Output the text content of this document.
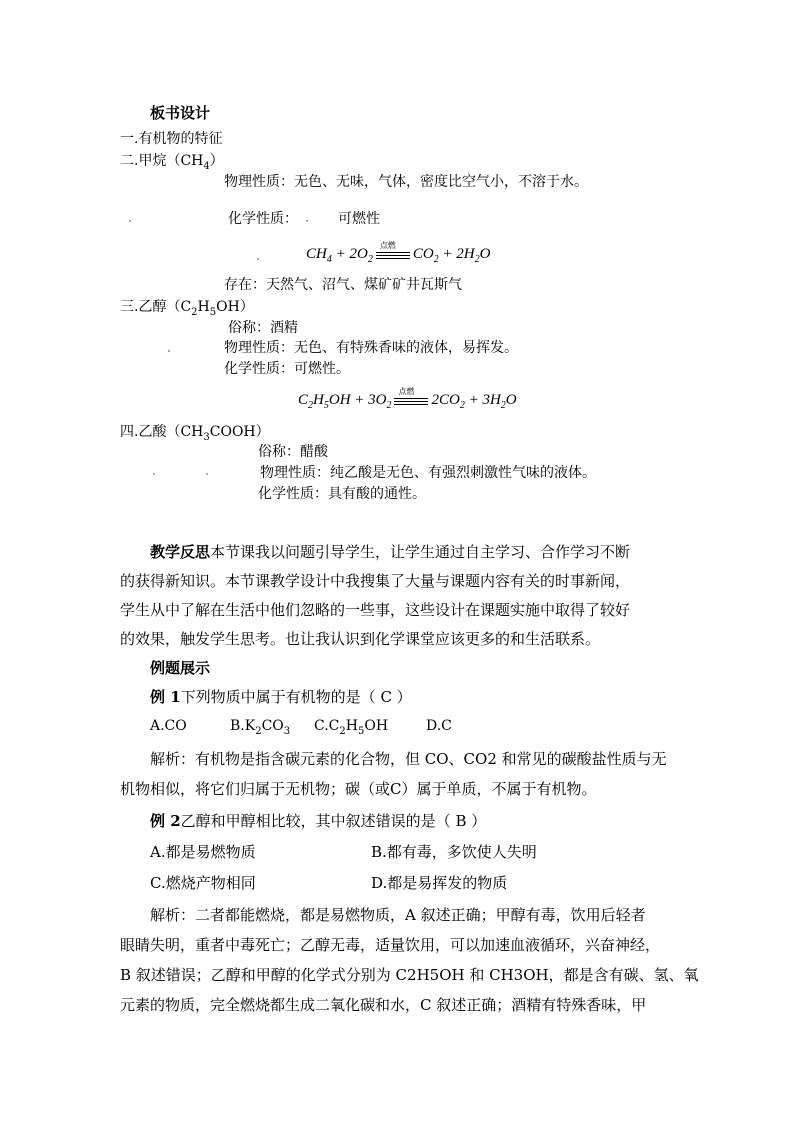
板书设计
一.有机物的特征
二.甲烷$(CH_4)$
物理性质：无色、无味，气体，密度比空气小，不溶于水。
化学性质：	可燃性
$CH_4 + 2O_2$
点燃
$CO_2 + 2H_2O$
存在：天然气、沼气、煤矿矿井瓦斯气
三.乙醇$(C_2H_5OH)$
俗称：酒精
物理性质：无色、有特殊香味的液体，易挥发。
化学性质：可燃性。
$C_2H_5OH + 3O_2$
点燃
$2CO_2 + 3H_2O$
四.乙酸$(CH_3COOH)$
俗称：醋酸
物理性质：纯乙酸是无色、有强烈刺激性气味的液体。
化学性质：具有酸的通性。
教学反思本节课我以问题引导学生，让学生通过自主学习、合作学习不断
的获得新知识。本节课教学设计中我搜集了大量与课题内容有关的时事新闻，
学生从中了解在生活中他们忽略的一些事，这些设计在课题实施中取得了较好
的效果，触发学生思考。也让我认识到化学课堂应该更多的和生活联系。
例题展示
例 1下列物质中属于有机物的是（ C ）
A.CO	$B.K_2CO_3$ $C.C_2H_5OH$	D.C
解析：有机物是指含碳元素的化合物，但 CO、CO2 和常见的碳酸盐性质与无
机物相似，将它们归属于无机物；碳（或C）属于单质，不属于有机物。
例 2乙醇和甲醇相比较，其中叙述错误的是（ B ）
A.都是易燃物质	B.都有毒，多饮使人失明
C.燃烧产物相同	D.都是易挥发的物质
解析：二者都能燃烧，都是易燃物质，A 叙述正确；甲醇有毒，饮用后轻者
眼睛失明，重者中毒死亡；乙醇无毒，适量饮用，可以加速血液循环，兴奋神经，
B 叙述错误；乙醇和甲醇的化学式分别为 C2H5OH 和 CH3OH，都是含有碳、氢、氧
元素的物质，完全燃烧都生成二氧化碳和水，C 叙述正确；酒精有特殊香味，甲
